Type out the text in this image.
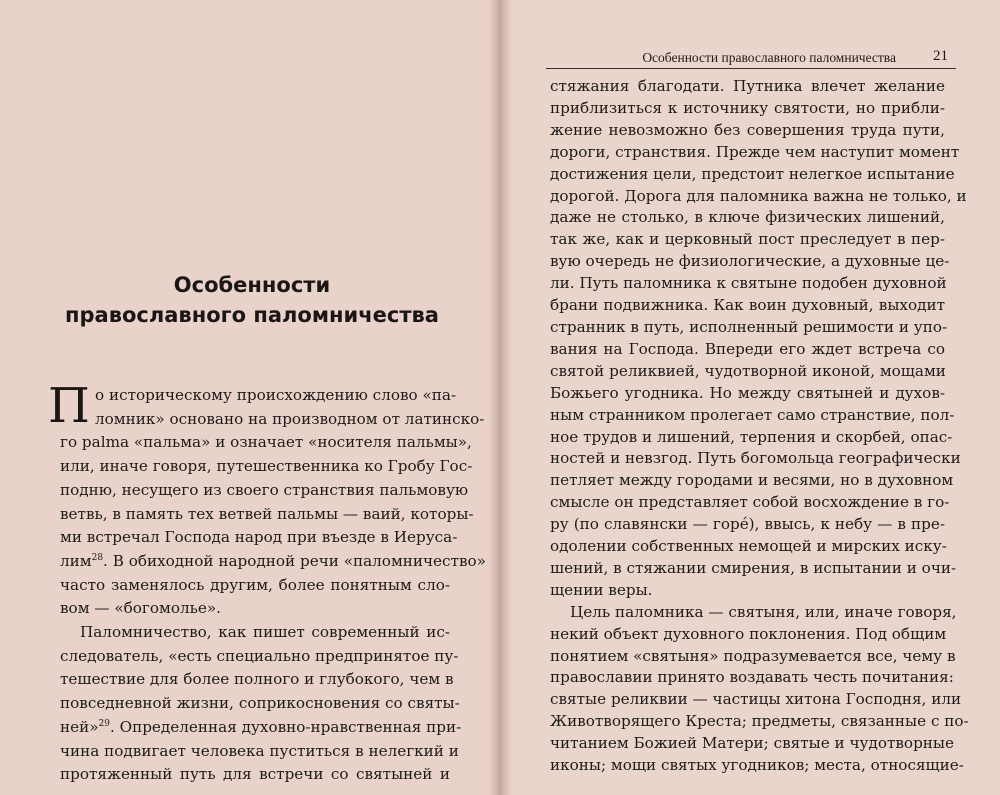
Особенности
православного паломничества
П о историческому происхождению слово «па-
ломник» основано на производном от латинско-
го palma «пальма» и означает «носителя пальмы»,
или, иначе говоря, путешественника ко Гробу Гос-
подню, несущего из своего странствия пальмовую
ветвь, в память тех ветвей пальмы — ваий, которы-
ми встречал Господа народ при въезде в Иерусa-
лим$^{28}$. В обиходной народной речи «паломничество»
часто заменялось другим, более понятным сло-
вом — «богомолье».
Паломничество, как пишет современный ис-
следователь, «есть специально предпринятое пу-
тешествие для более полного и глубокого, чем в
повседневной жизни, соприкосновения со святы-
ней»$^{29}$. Определенная духовно-нравственная при-
чина подвигает человека пуститься в нелегкий и
протяженный путь для встречи со святыней и
Особенности православного паломничества 21
стяжания благодати. Путника влечет желание
приблизиться к источнику святости, но прибли-
жение невозможно без совершения труда пути,
дороги, странствия. Прежде чем наступит момент
достижения цели, предстоит нелегкое испытание
дорогой. Дорога для паломника важна не только, и
даже не столько, в ключе физических лишений,
так же, как и церковный пост преследует в пер-
вую очередь не физиологические, а духовные це-
ли. Путь паломника к святыне подобен духовной
брани подвижника. Как воин духовный, выходит
странник в путь, исполненный решимости и упо-
вания на Господа. Впереди его ждет встреча со
святой реликвией, чудотворной иконой, мощами
Божьего угодника. Но между святыней и духов-
ным странником пролегает само странствие, пол-
ное трудов и лишений, терпения и скорбей, опас-
ностей и невзгод. Путь богомольца географически
петляет между городами и весями, но в духовном
смысле он представляет собой восхождение в го-
ру (по славянски — горé), ввысь, к небу — в пре-
одолении собственных немощей и мирских иску-
шений, в стяжании смирения, в испытании и очи-
щении веры.
Цель паломника — святыня, или, иначе говоря,
некий объект духовного поклонения. Под общим
понятием «святыня» подразумевается все, чему в
православии принято воздавать честь почитания:
святые реликвии — частицы хитона Господня, или
Животворящего Креста; предметы, связанные с по-
читанием Божией Матери; святые и чудотворные
иконы; мощи святых угодников; места, относящие-
